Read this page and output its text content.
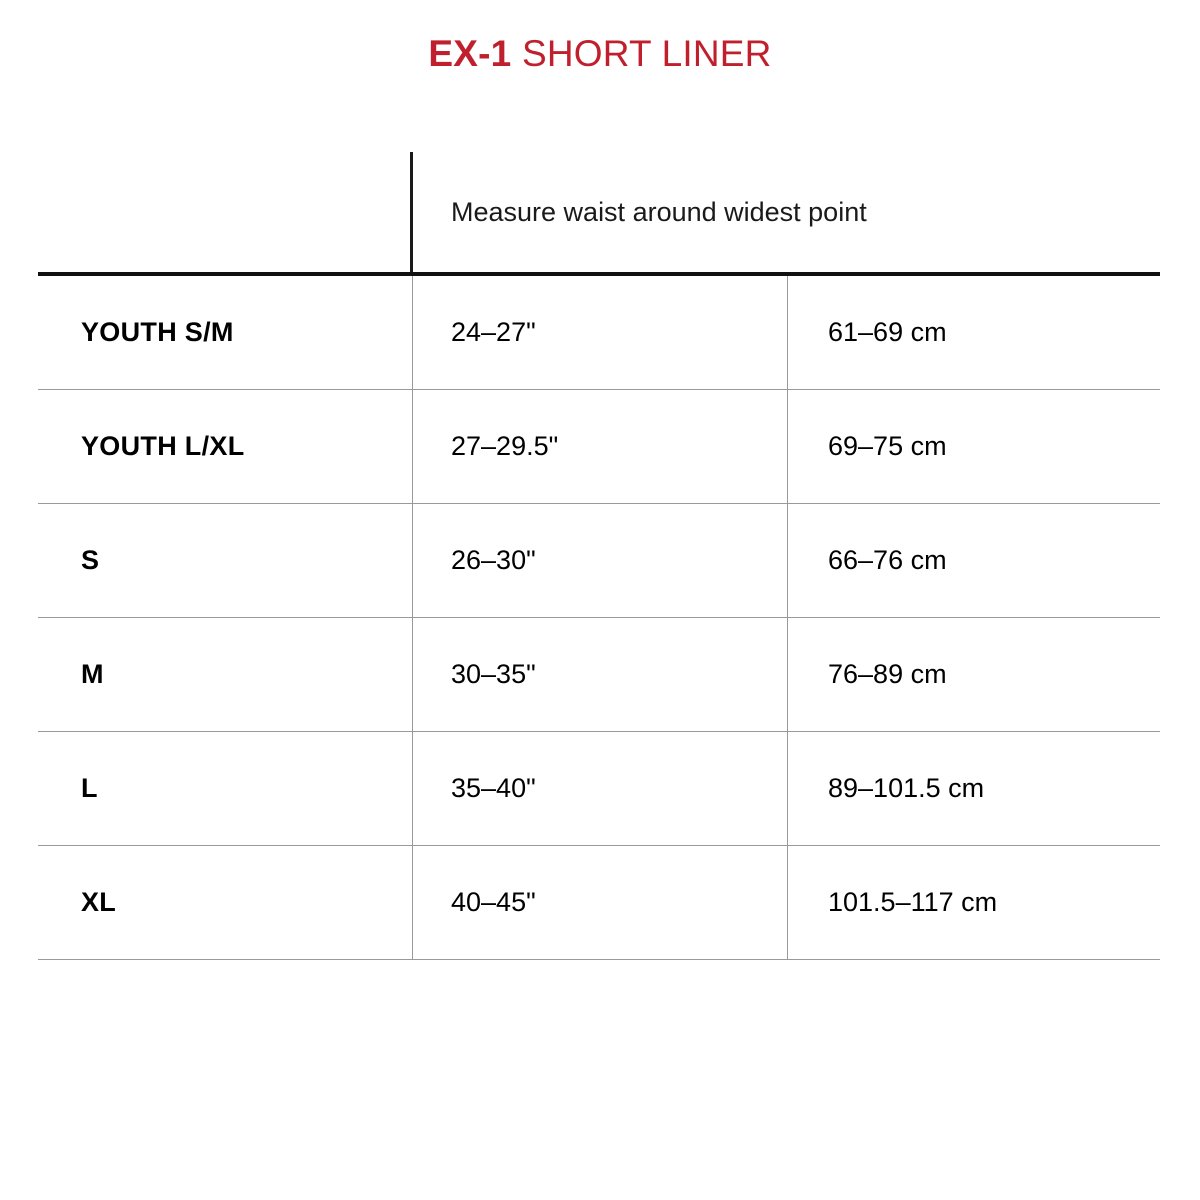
EX-1 SHORT LINER
Measure waist around widest point
YOUTH S/M	24–27"	61–69 cm
YOUTH L/XL	27–29.5"	69–75 cm
S	26–30"	66–76 cm
M	30–35"	76–89 cm
L	35–40"	89–101.5 cm
XL	40–45"	101.5–117 cm
